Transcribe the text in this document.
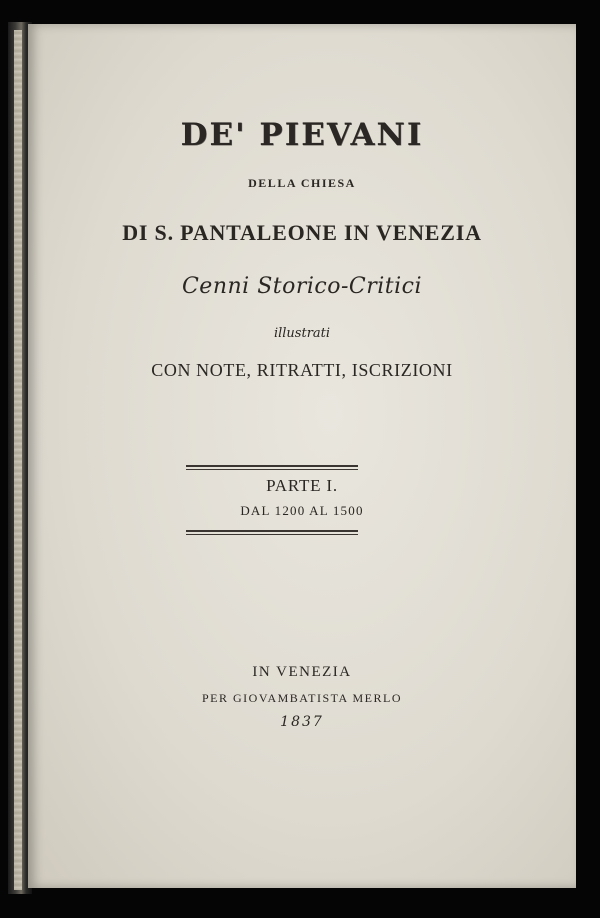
DE' PIEVANI
DELLA CHIESA
DI S. PANTALEONE IN VENEZIA
Cenni Storico-Critici
illustrati
CON NOTE, RITRATTI, ISCRIZIONI
PARTE I.
DAL 1200 AL 1500
IN VENEZIA
PER GIOVAMBATISTA MERLO
1837
